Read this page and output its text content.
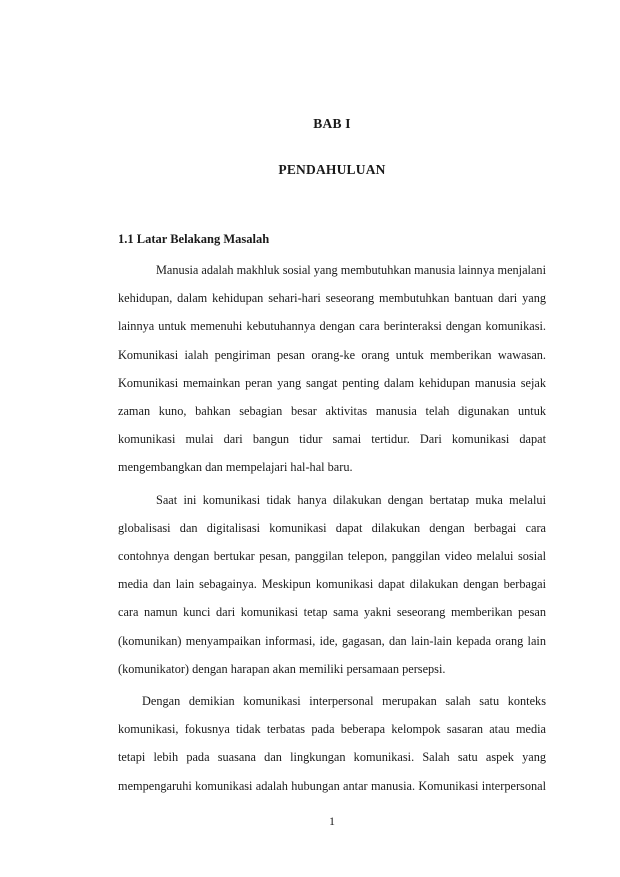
BAB I
PENDAHULUAN
1.1 Latar Belakang Masalah

Manusia adalah makhluk sosial yang membutuhkan manusia lainnya menjalani kehidupan, dalam kehidupan sehari-hari seseorang membutuhkan bantuan dari yang lainnya untuk memenuhi kebutuhannya dengan cara berinteraksi dengan komunikasi. Komunikasi ialah pengiriman pesan orang-ke orang untuk memberikan wawasan. Komunikasi memainkan peran yang sangat penting dalam kehidupan manusia sejak zaman kuno, bahkan sebagian besar aktivitas manusia telah digunakan untuk komunikasi mulai dari bangun tidur samai tertidur. Dari komunikasi dapat mengembangkan dan mempelajari hal-hal baru.

Saat ini komunikasi tidak hanya dilakukan dengan bertatap muka melalui globalisasi dan digitalisasi komunikasi dapat dilakukan dengan berbagai cara contohnya dengan bertukar pesan, panggilan telepon, panggilan video melalui sosial media dan lain sebagainya. Meskipun komunikasi dapat dilakukan dengan berbagai cara namun kunci dari komunikasi tetap sama yakni seseorang memberikan pesan (komunikan) menyampaikan informasi, ide, gagasan, dan lain-lain kepada orang lain (komunikator) dengan harapan akan memiliki persamaan persepsi.

Dengan demikian komunikasi interpersonal merupakan salah satu konteks komunikasi, fokusnya tidak terbatas pada beberapa kelompok sasaran atau media tetapi lebih pada suasana dan lingkungan komunikasi. Salah satu aspek yang mempengaruhi komunikasi adalah hubungan antar manusia. Komunikasi interpersonal

1
